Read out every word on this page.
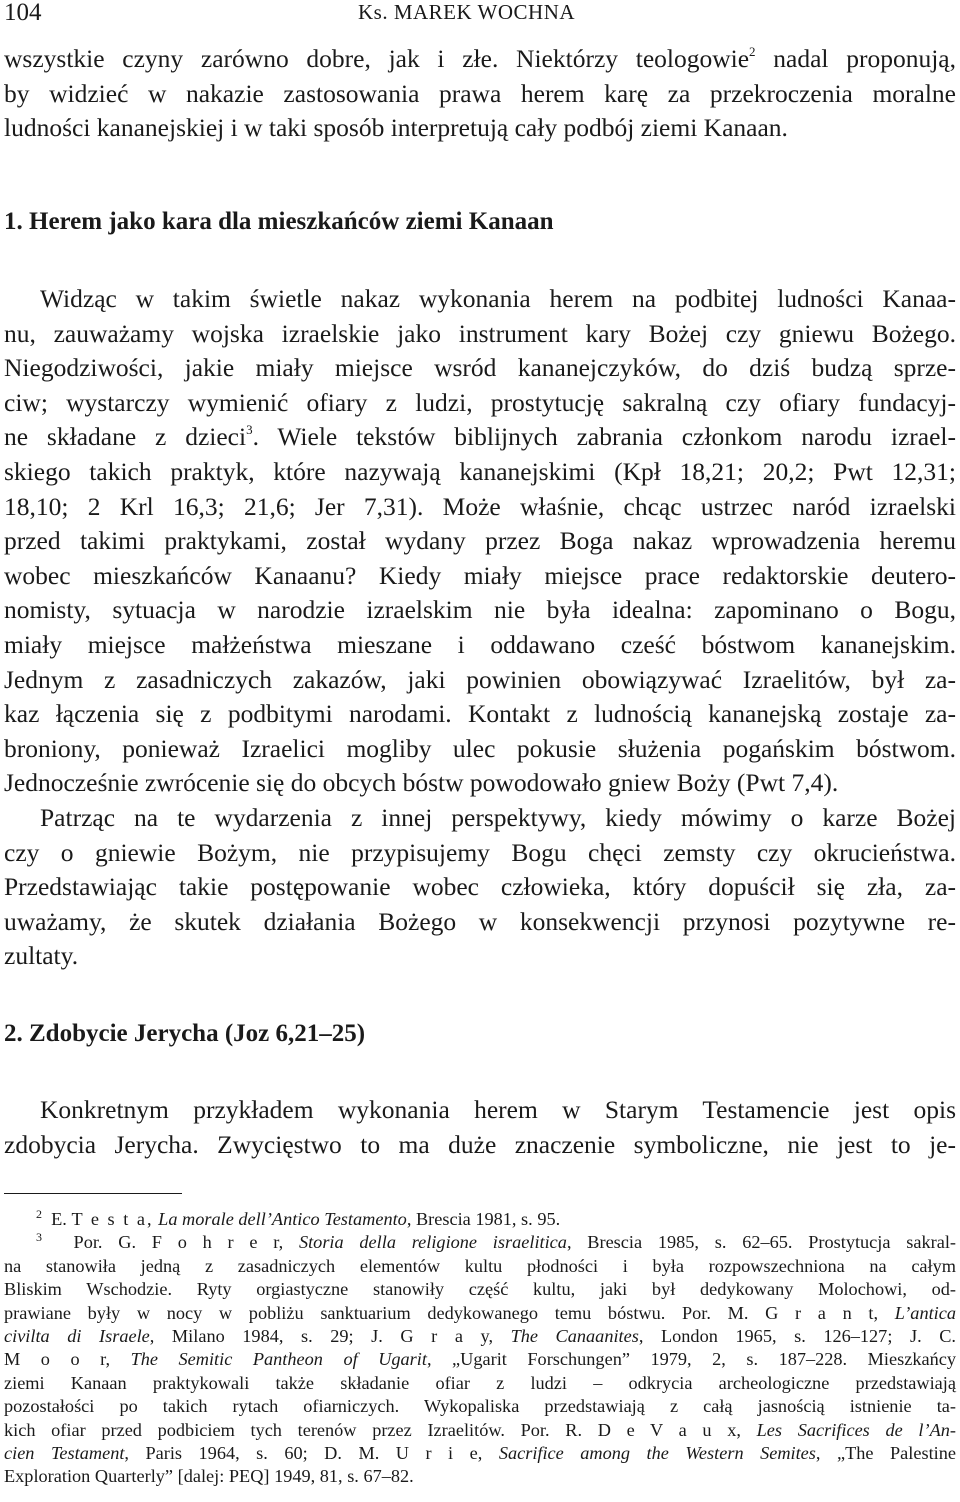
104	Ks. MAREK WOCHNA
wszystkie czyny zarówno dobre, jak i złe. Niektórzy teologowie$^2$ nadal proponują,
by widzieć w nakazie zastosowania prawa herem karę za przekroczenia moralne
ludności kananejskiej i w taki sposób interpretują cały podbój ziemi Kanaan.
1. Herem jako kara dla mieszkańców ziemi Kanaan
Widząc w takim świetle nakaz wykonania herem na podbitej ludności Kanaa-
nu, zauważamy wojska izraelskie jako instrument kary Bożej czy gniewu Bożego.
Niegodziwości, jakie miały miejsce wsród kananejczyków, do dziś budzą sprze-
ciw; wystarczy wymienić ofiary z ludzi, prostytucję sakralną czy ofiary fundacyj-
ne składane z dzieci$^3$. Wiele tekstów biblijnych zabrania członkom narodu izrael-
skiego takich praktyk, które nazywają kananejskimi (Kpł 18,21; 20,2; Pwt 12,31;
18,10; 2 Krl 16,3; 21,6; Jer 7,31). Może właśnie, chcąc ustrzec naród izraelski
przed takimi praktykami, został wydany przez Boga nakaz wprowadzenia heremu
wobec mieszkańców Kanaanu? Kiedy miały miejsce prace redaktorskie deutero-
nomisty, sytuacja w narodzie izraelskim nie była idealna: zapominano o Bogu,
miały miejsce małżeństwa mieszane i oddawano cześć bóstwom kananejskim.
Jednym z zasadniczych zakazów, jaki powinien obowiązywać Izraelitów, był za-
kaz łączenia się z podbitymi narodami. Kontakt z ludnością kananejską zostaje za-
broniony, ponieważ Izraelici mogliby ulec pokusie służenia pogańskim bóstwom.
Jednocześnie zwrócenie się do obcych bóstw powodowało gniew Boży (Pwt 7,4).
Patrząc na te wydarzenia z innej perspektywy, kiedy mówimy o karze Bożej
czy o gniewie Bożym, nie przypisujemy Bogu chęci zemsty czy okrucieństwa.
Przedstawiając takie postępowanie wobec człowieka, który dopuścił się zła, za-
uważamy, że skutek działania Bożego w konsekwencji przynosi pozytywne re-
zultaty.
2. Zdobycie Jerycha (Joz 6,21–25)
Konkretnym przykładem wykonania herem w Starym Testamencie jest opis
zdobycia Jerycha. Zwycięstwo to ma duże znaczenie symboliczne, nie jest to je-
$^2$ E. T e s t a, La morale dell’Antico Testamento, Brescia 1981, s. 95.
$^3$ Por. G. F o h r e r, Storia della religione israelitica, Brescia 1985, s. 62–65. Prostytucja sakral-
na stanowiła jedną z zasadniczych elementów kultu płodności i była rozpowszechniona na całym
Bliskim Wschodzie. Ryty orgiastyczne stanowiły część kultu, jaki był dedykowany Molochowi, od-
prawiane były w nocy w pobliżu sanktuarium dedykowanego temu bóstwu. Por. M. G r a n t, L’antica
civilta di Israele, Milano 1984, s. 29; J. G r a y, The Canaanites, London 1965, s. 126–127; J. C.
M o o r, The Semitic Pantheon of Ugarit, „Ugarit Forschungen” 1979, 2, s. 187–228. Mieszkańcy
ziemi Kanaan praktykowali także składanie ofiar z ludzi – odkrycia archeologiczne przedstawiają
pozostałości po takich rytach ofiarniczych. Wykopaliska przedstawiają z całą jasnością istnienie ta-
kich ofiar przed podbiciem tych terenów przez Izraelitów. Por. R. D e V a u x, Les Sacrifices de l’An-
cien Testament, Paris 1964, s. 60; D. M. U r i e, Sacrifice among the Western Semites, „The Palestine
Exploration Quarterly” [dalej: PEQ] 1949, 81, s. 67–82.
